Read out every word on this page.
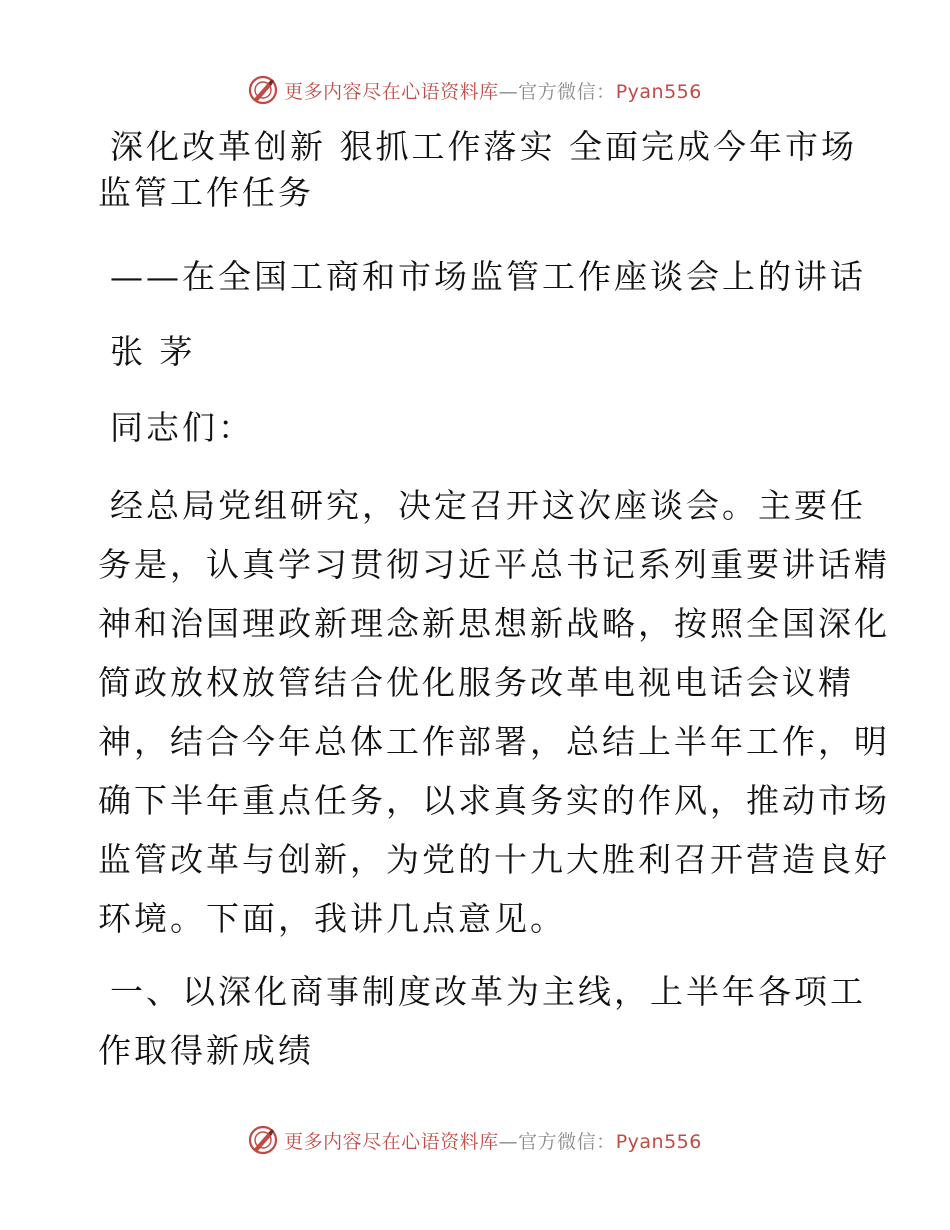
更多内容尽在心语资料库—官方微信：Pyan556
深化改革创新 狠抓工作落实 全面完成今年市场
监管工作任务
——在全国工商和市场监管工作座谈会上的讲话
张 茅
同志们：
经总局党组研究，决定召开这次座谈会。主要任
务是，认真学习贯彻习近平总书记系列重要讲话精
神和治国理政新理念新思想新战略，按照全国深化
简政放权放管结合优化服务改革电视电话会议精
神，结合今年总体工作部署，总结上半年工作，明
确下半年重点任务，以求真务实的作风，推动市场
监管改革与创新，为党的十九大胜利召开营造良好
环境。下面，我讲几点意见。
一、以深化商事制度改革为主线，上半年各项工
作取得新成绩
更多内容尽在心语资料库—官方微信：Pyan556
